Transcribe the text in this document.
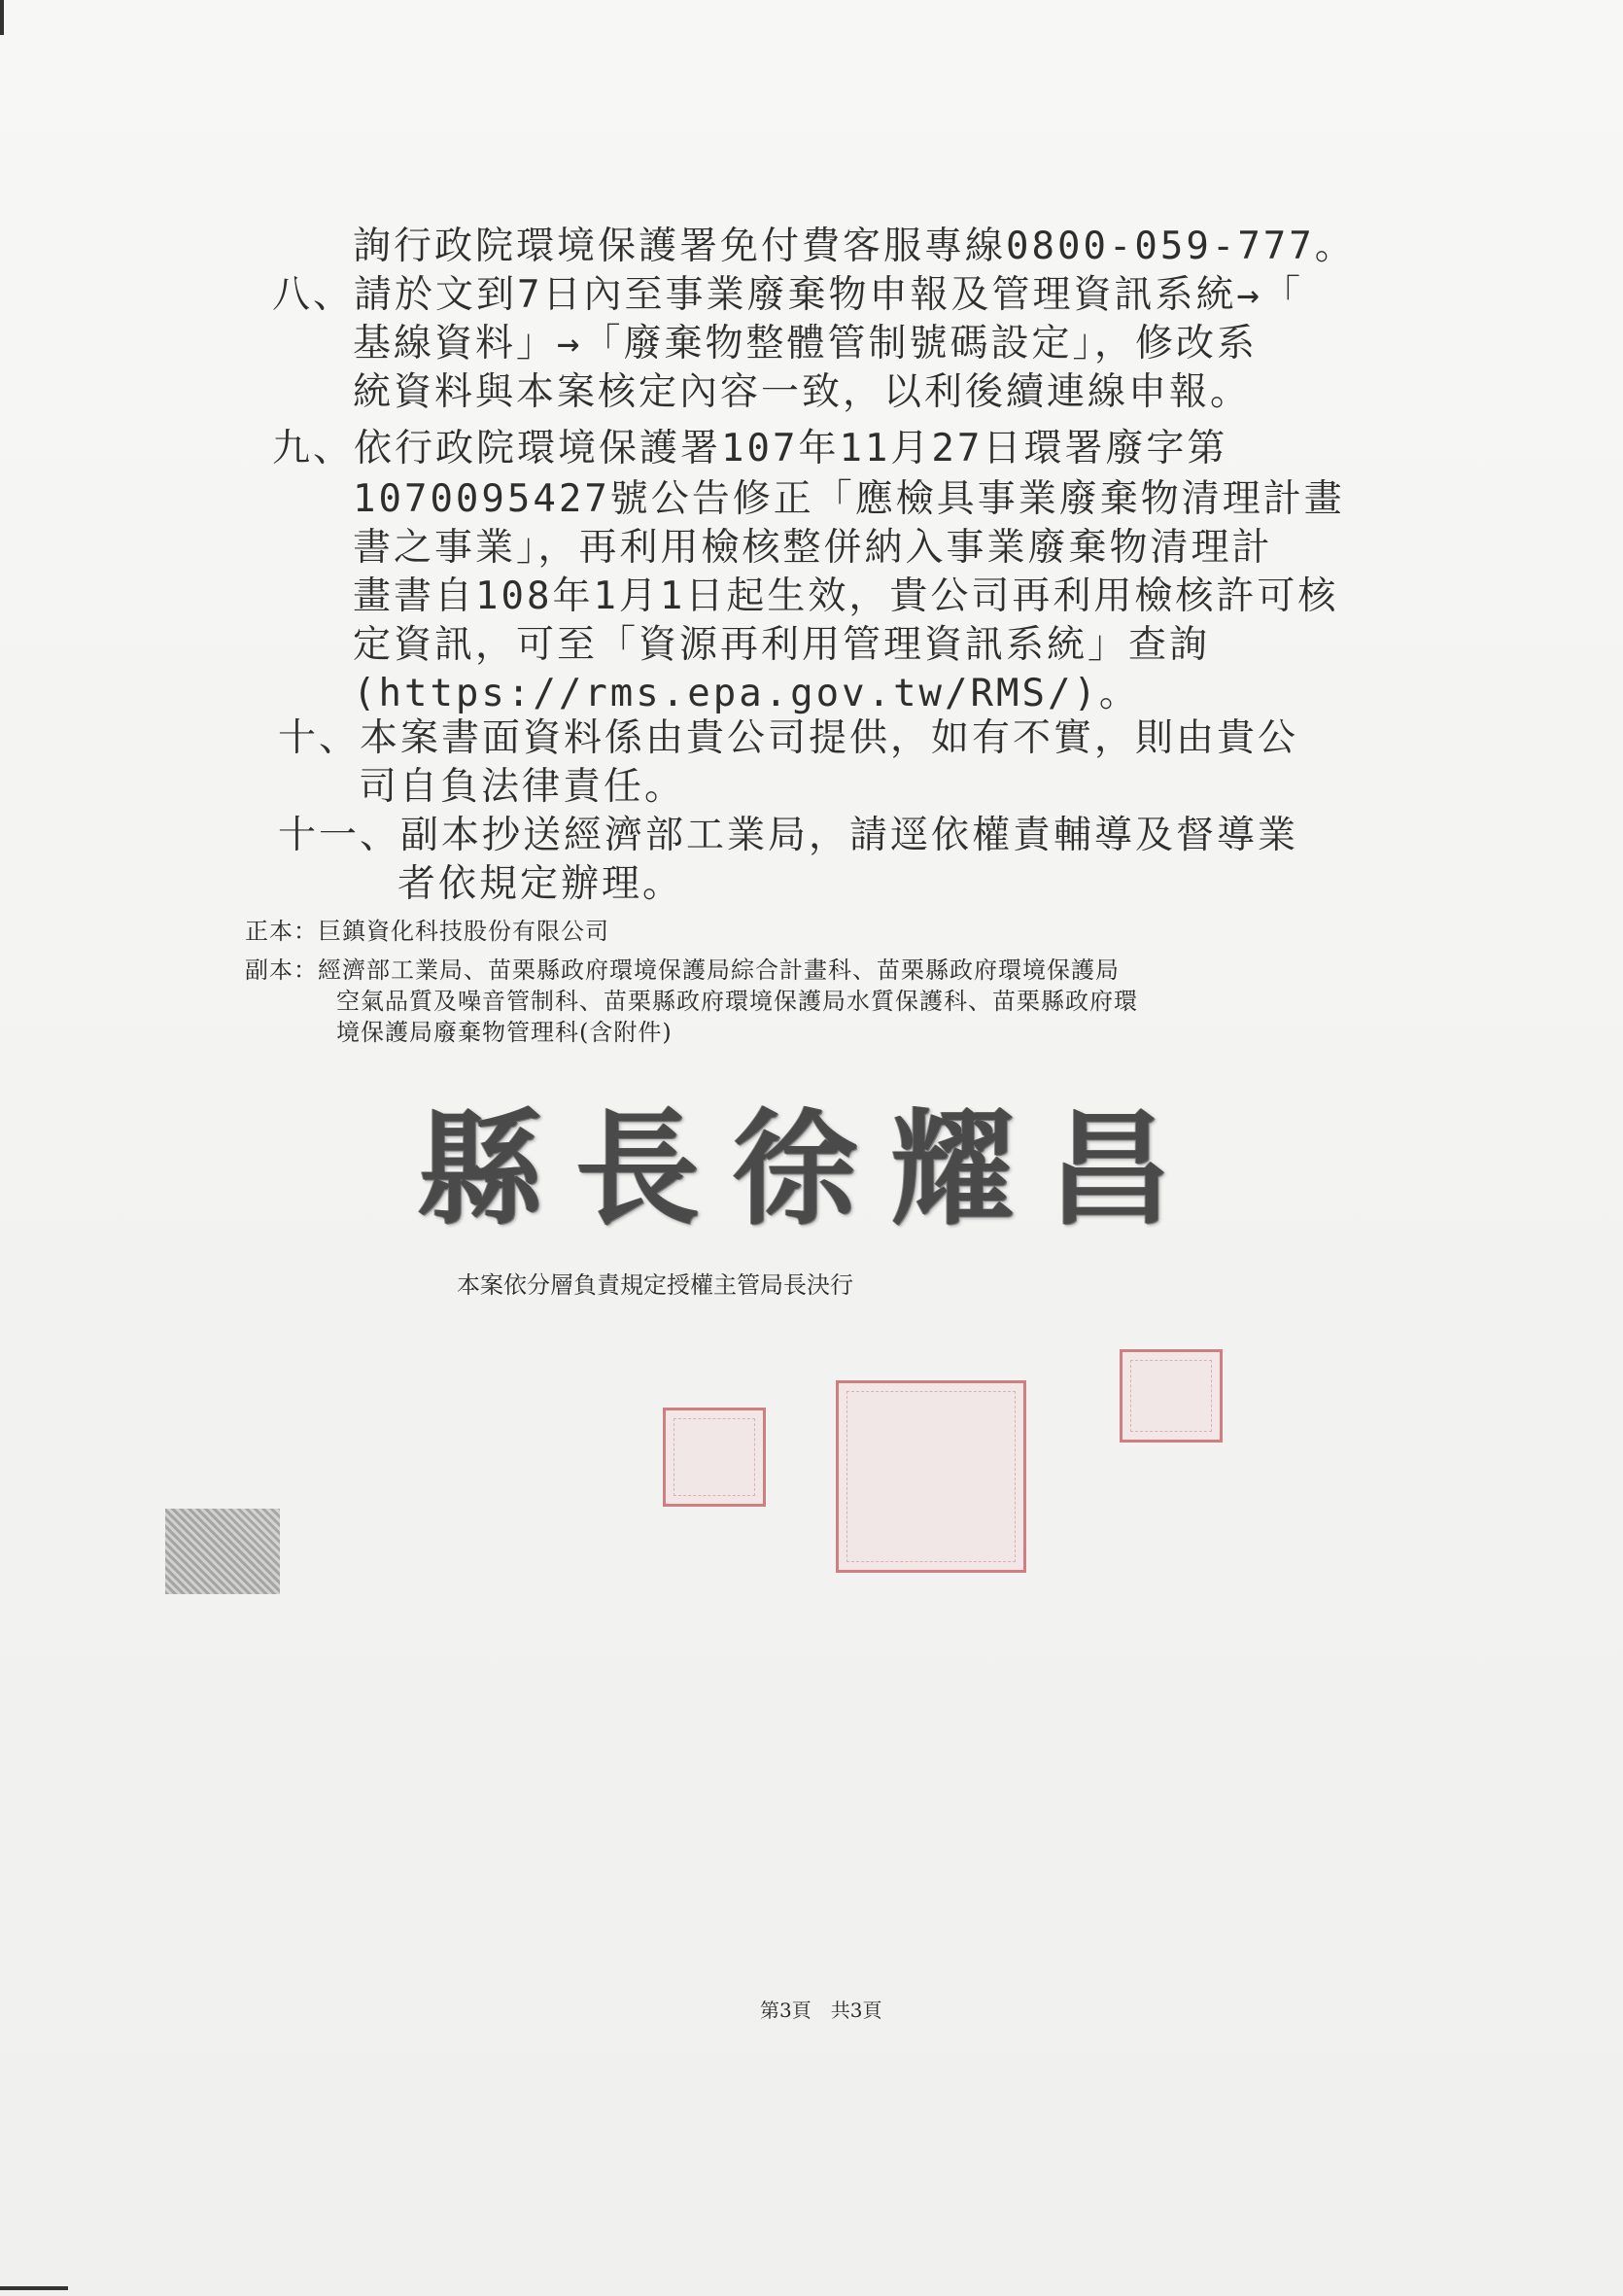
詢行政院環境保護署免付費客服專線0800-059-777。
八、請於文到7日內至事業廢棄物申報及管理資訊系統→「
基線資料」→「廢棄物整體管制號碼設定」，修改系
統資料與本案核定內容一致，以利後續連線申報。
九、依行政院環境保護署107年11月27日環署廢字第
1070095427號公告修正「應檢具事業廢棄物清理計畫
書之事業」，再利用檢核整併納入事業廢棄物清理計
畫書自108年1月1日起生效，貴公司再利用檢核許可核
定資訊，可至「資源再利用管理資訊系統」查詢
(https://rms.epa.gov.tw/RMS/)。
十、本案書面資料係由貴公司提供，如有不實，則由貴公
司自負法律責任。
十一、副本抄送經濟部工業局，請逕依權責輔導及督導業
者依規定辦理。
正本：巨鎮資化科技股份有限公司
副本：經濟部工業局、苗栗縣政府環境保護局綜合計畫科、苗栗縣政府環境保護局
空氣品質及噪音管制科、苗栗縣政府環境保護局水質保護科、苗栗縣政府環
境保護局廢棄物管理科(含附件)
縣長徐耀昌
本案依分層負責規定授權主管局長決行
第3頁　共3頁
